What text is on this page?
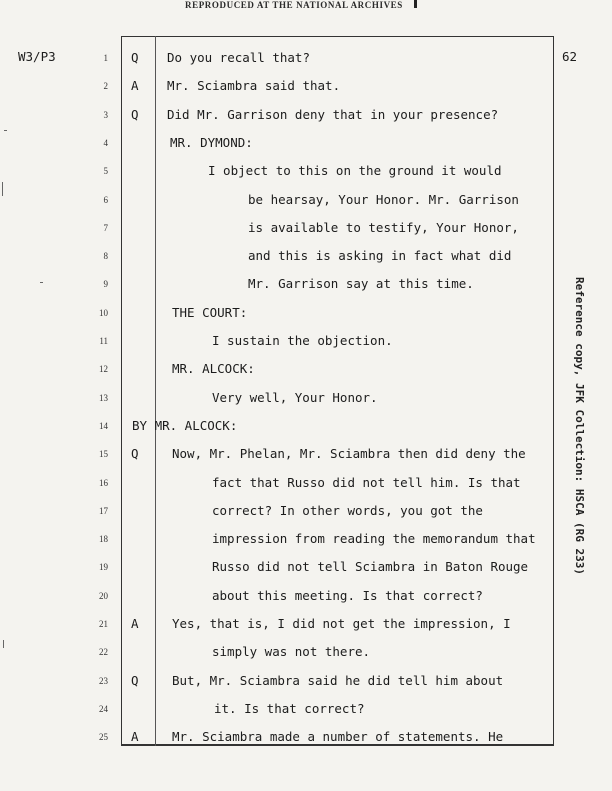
REPRODUCED AT THE NATIONAL ARCHIVES
W3/P3	62
1 Q Do you recall that?
2 A Mr. Sciambra said that.
3 Q Did Mr. Garrison deny that in your presence?
4	MR. DYMOND:
5	I object to this on the ground it would
6	be hearsay, Your Honor. Mr. Garrison
7	is available to testify, Your Honor,
8	and this is asking in fact what did
9	Mr. Garrison say at this time.
10	THE COURT:
11	I sustain the objection.
12	MR. ALCOCK:
13	Very well, Your Honor.
14 BY MR. ALCOCK:
15 Q	Now, Mr. Phelan, Mr. Sciambra then did deny the
16	fact that Russo did not tell him. Is that
17	correct? In other words, you got the
18	impression from reading the memorandum that
19	Russo did not tell Sciambra in Baton Rouge
20	about this meeting. Is that correct?
21 A	Yes, that is, I did not get the impression, I
22	simply was not there.
23 Q	But, Mr. Sciambra said he did tell him about
24	it. Is that correct?
25 A	Mr. Sciambra made a number of statements. He
Reference copy, JFK Collection: HSCA (RG 233)
